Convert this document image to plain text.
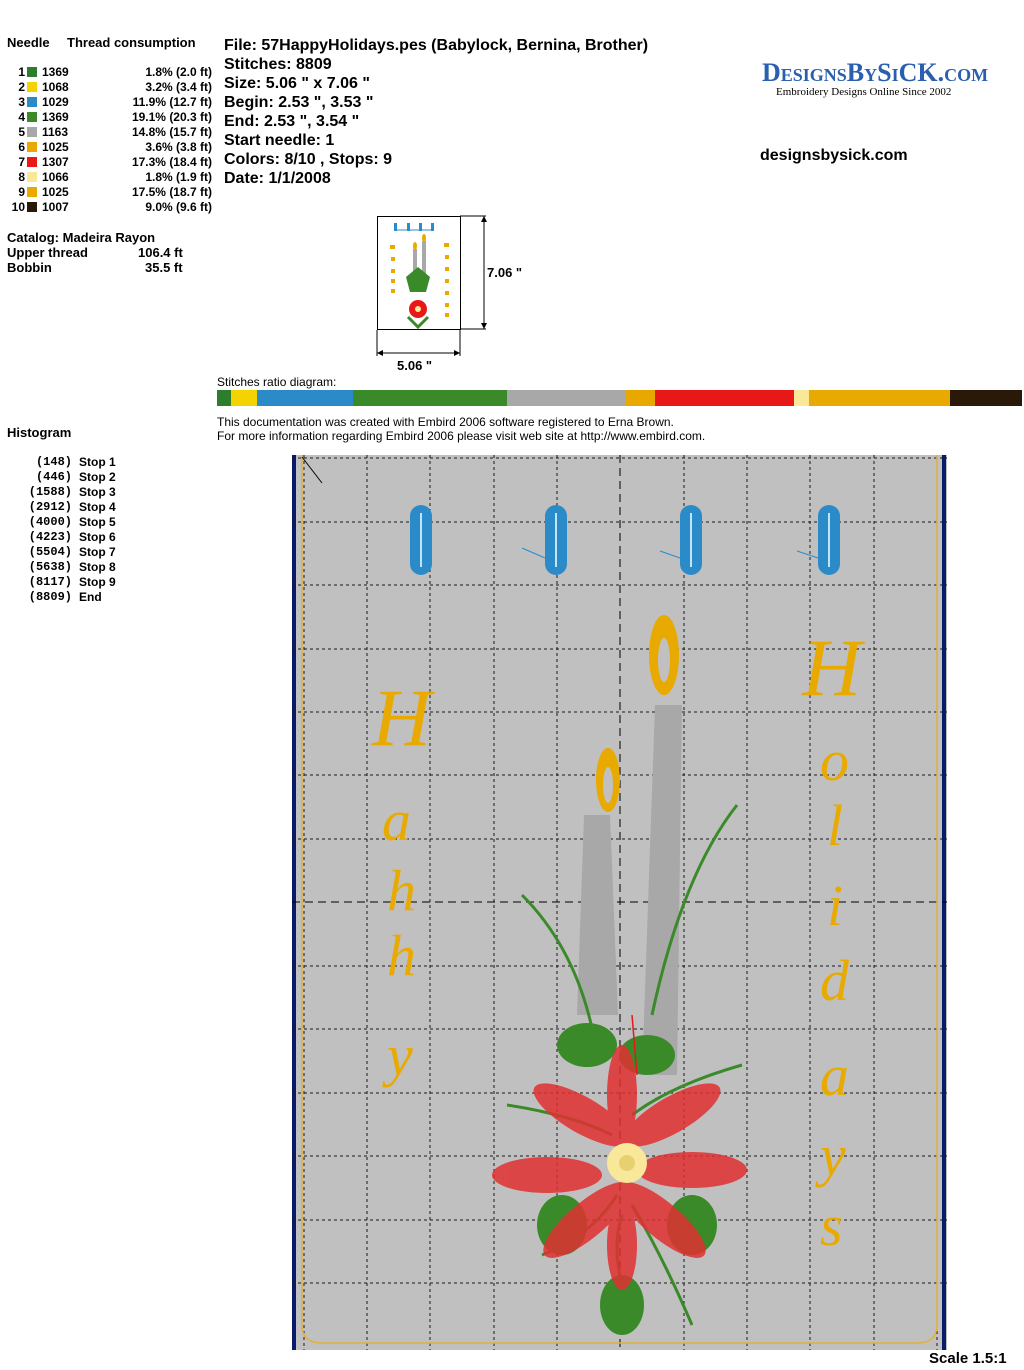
Needle Thread consumption
1 1369	1.8% (2.0 ft)
2 1068	3.2% (3.4 ft)
3 1029	11.9% (12.7 ft)
4 1369	19.1% (20.3 ft)
5 1163	14.8% (15.7 ft)
6 1025	3.6% (3.8 ft)
7 1307	17.3% (18.4 ft)
8 1066	1.8% (1.9 ft)
9 1025	17.5% (18.7 ft)
10 1007	9.0% (9.6 ft)
Catalog: Madeira Rayon
Upper thread	106.4 ft
Bobbin	35.5 ft
File: 57HappyHolidays.pes (Babylock, Bernina, Brother)
Stitches: 8809
Size: 5.06 " x 7.06 "
Begin: 2.53 ", 3.53 "
End: 2.53 ", 3.54 "
Start needle: 1
Colors: 8/10 , Stops: 9
Date: 1/1/2008
DesignsBySiCK.com
Embroidery Designs Online Since 2002
designsbysick.com
7.06 "
5.06 "
Stitches ratio diagram:
This documentation was created with Embird 2006 software registered to Erna Brown.
For more information regarding Embird 2006 please visit web site at http://www.embird.com.
Histogram
(148) Stop 1
(446) Stop 2
(1588) Stop 3
(2912) Stop 4
(4000) Stop 5
(4223) Stop 6
(5504) Stop 7
(5638) Stop 8
(8117) Stop 9
(8809) End
H
a
h
h
y
H
o
l
i
d
a
y
s
Scale 1.5:1
